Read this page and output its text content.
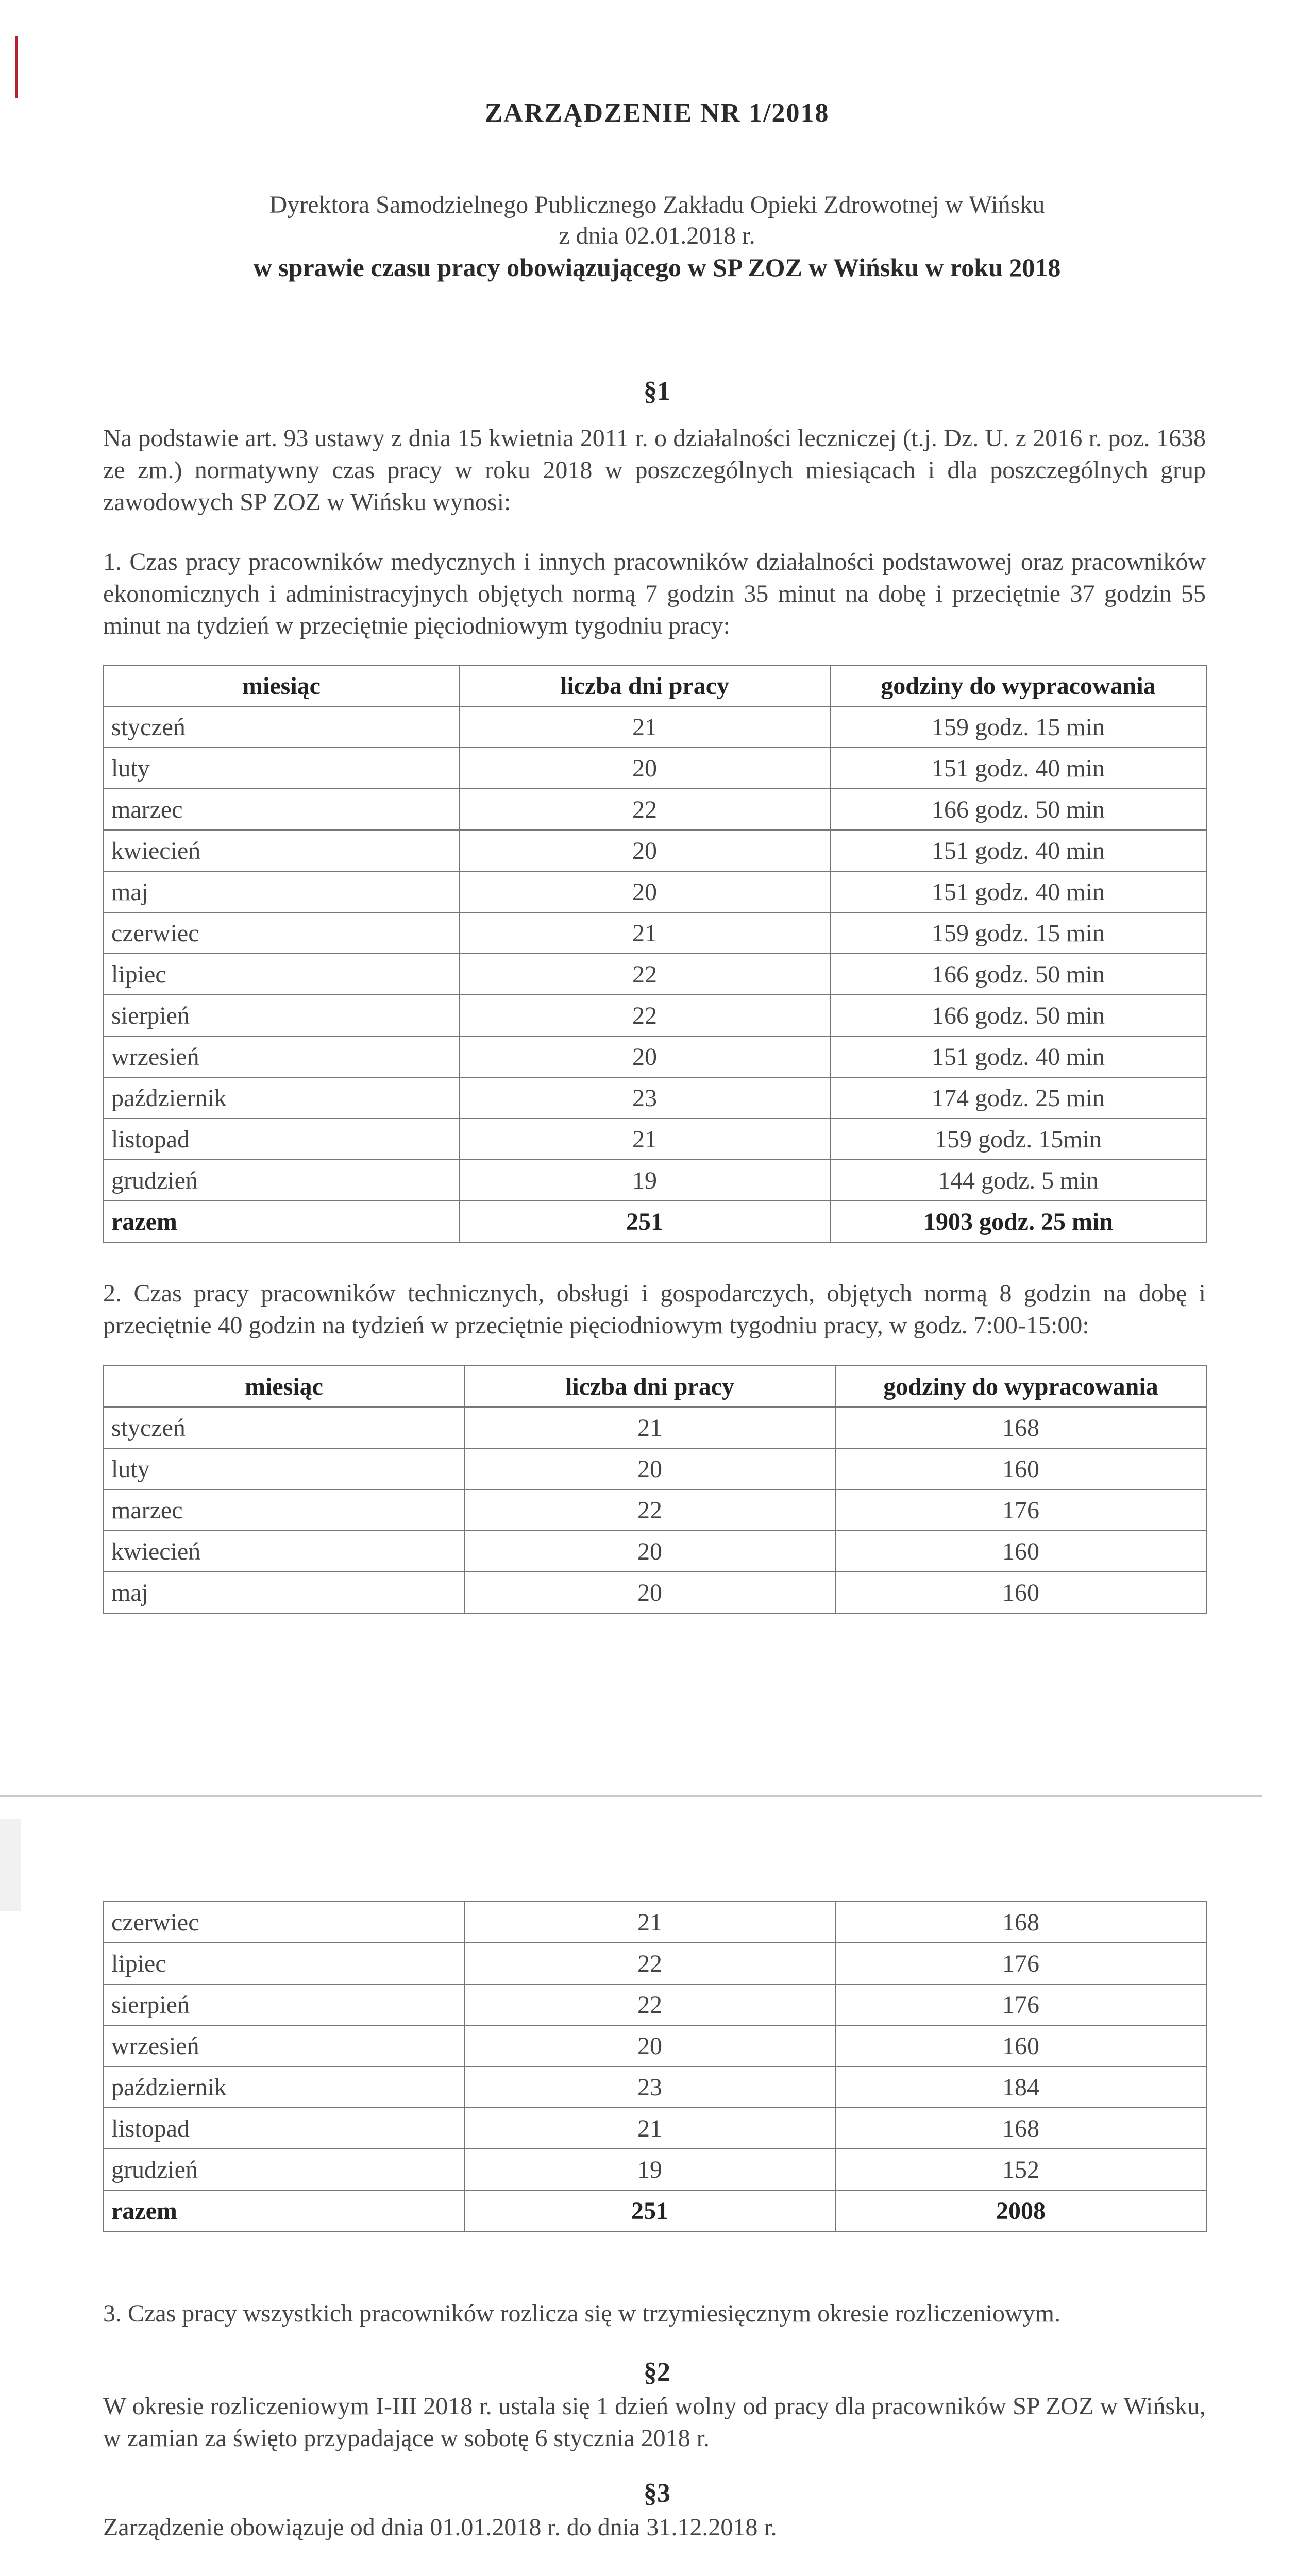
ZARZĄDZENIE NR 1/2018
Dyrektora Samodzielnego Publicznego Zakładu Opieki Zdrowotnej w Wińsku
z dnia 02.01.2018 r.
w sprawie czasu pracy obowiązującego w SP ZOZ w Wińsku w roku 2018
§1
Na podstawie art. 93 ustawy z dnia 15 kwietnia 2011 r. o działalności leczniczej (t.j. Dz. U. z 2016 r. poz. 1638 ze zm.) normatywny czas pracy w roku 2018 w poszczególnych miesiącach i dla poszczególnych grup zawodowych SP ZOZ w Wińsku wynosi:
1. Czas pracy pracowników medycznych i innych pracowników działalności podstawowej oraz pracowników ekonomicznych i administracyjnych objętych normą 7 godzin 35 minut na dobę i przeciętnie 37 godzin 55 minut na tydzień w przeciętnie pięciodniowym tygodniu pracy:
miesiąc	liczba dni pracy	godziny do wypracowania
styczeń	21	159 godz. 15 min
luty	20	151 godz. 40 min
marzec	22	166 godz. 50 min
kwiecień	20	151 godz. 40 min
maj	20	151 godz. 40 min
czerwiec	21	159 godz. 15 min
lipiec	22	166 godz. 50 min
sierpień	22	166 godz. 50 min
wrzesień	20	151 godz. 40 min
październik	23	174 godz. 25 min
listopad	21	159 godz. 15min
grudzień	19	144 godz. 5 min
razem	251	1903 godz. 25 min
2. Czas pracy pracowników technicznych, obsługi i gospodarczych, objętych normą 8 godzin na dobę i przeciętnie 40 godzin na tydzień w przeciętnie pięciodniowym tygodniu pracy, w godz. 7:00-15:00:
miesiąc	liczba dni pracy	godziny do wypracowania
styczeń	21	168
luty	20	160
marzec	22	176
kwiecień	20	160
maj	20	160
czerwiec	21	168
lipiec	22	176
sierpień	22	176
wrzesień	20	160
październik	23	184
listopad	21	168
grudzień	19	152
razem	251	2008
3. Czas pracy wszystkich pracowników rozlicza się w trzymiesięcznym okresie rozliczeniowym.
§2
W okresie rozliczeniowym I-III 2018 r. ustala się 1 dzień wolny od pracy dla pracowników SP ZOZ w Wińsku, w zamian za święto przypadające w sobotę 6 stycznia 2018 r.
§3
Zarządzenie obowiązuje od dnia 01.01.2018 r. do dnia 31.12.2018 r.
